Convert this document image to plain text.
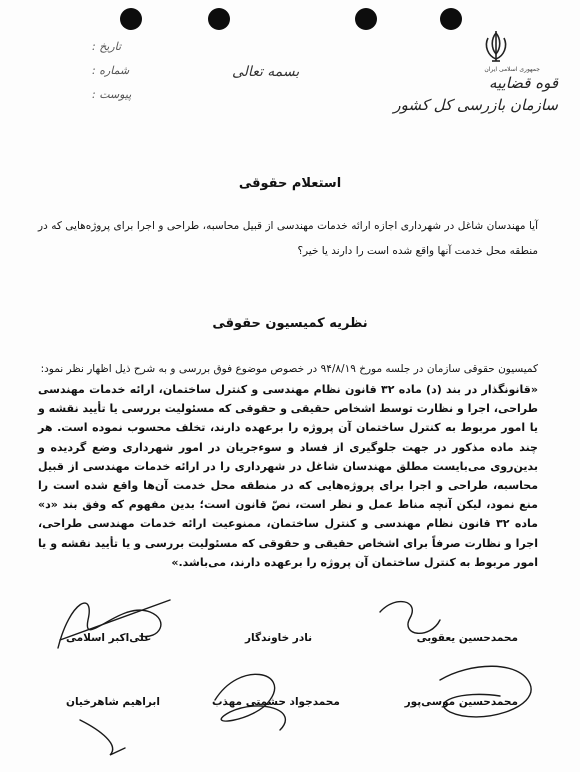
جمهوری اسلامی ایران
قوه قضاییه
سازمان بازرسی کل کشور
بسمه تعالی
تاریخ :
شماره :
پیوست :
استعلام حقوقی
آیا مهندسان شاغل در شهرداری اجازه ارائه خدمات مهندسی از قبیل محاسبه، طراحی و اجرا برای پروژه‌هایی که در منطقه محل خدمت آنها واقع شده است را دارند یا خیر؟
نظریه کمیسیون حقوقی
کمیسیون حقوقی سازمان در جلسه مورخ ۹۴/۸/۱۹ در خصوص موضوع فوق بررسی و به شرح ذیل اظهار نظر نمود:
«قانونگذار در بند (د) ماده ۳۲ قانون نظام مهندسی و کنترل ساختمان، ارائه خدمات مهندسی طراحی، اجرا و نظارت توسط اشخاص حقیقی و حقوقی که مسئولیت بررسی یا تأیید نقشه و یا امور مربوط به کنترل ساختمان آن پروژه را برعهده دارند، تخلف محسوب نموده است. هر چند ماده مذکور در جهت جلوگیری از فساد و سوءجریان در امور شهرداری وضع گردیده و بدین‌روی می‌بایست مطلق مهندسان شاغل در شهرداری را در ارائه خدمات مهندسی از قبیل محاسبه، طراحی و اجرا برای پروژه‌هایی که در منطقه محل خدمت آن‌ها واقع شده است را منع نمود، لیکن آنچه مناط عمل و نظر است، نصّ قانون است؛ بدین مفهوم که وفق بند «د» ماده ۳۲ قانون نظام مهندسی و کنترل ساختمان، ممنوعیت ارائه خدمات مهندسی طراحی، اجرا و نظارت صرفاً برای اشخاص حقیقی و حقوقی که مسئولیت بررسی و یا تأیید نقشه و یا امور مربوط به کنترل ساختمان آن پروژه را برعهده دارند، می‌باشد.»
محمدحسین یعقوبی
نادر خاوندگار
علی‌اکبر اسلامی
محمدحسین موسی‌پور
محمدجواد حشمتی مهذب
ابراهیم شاهرخیان
